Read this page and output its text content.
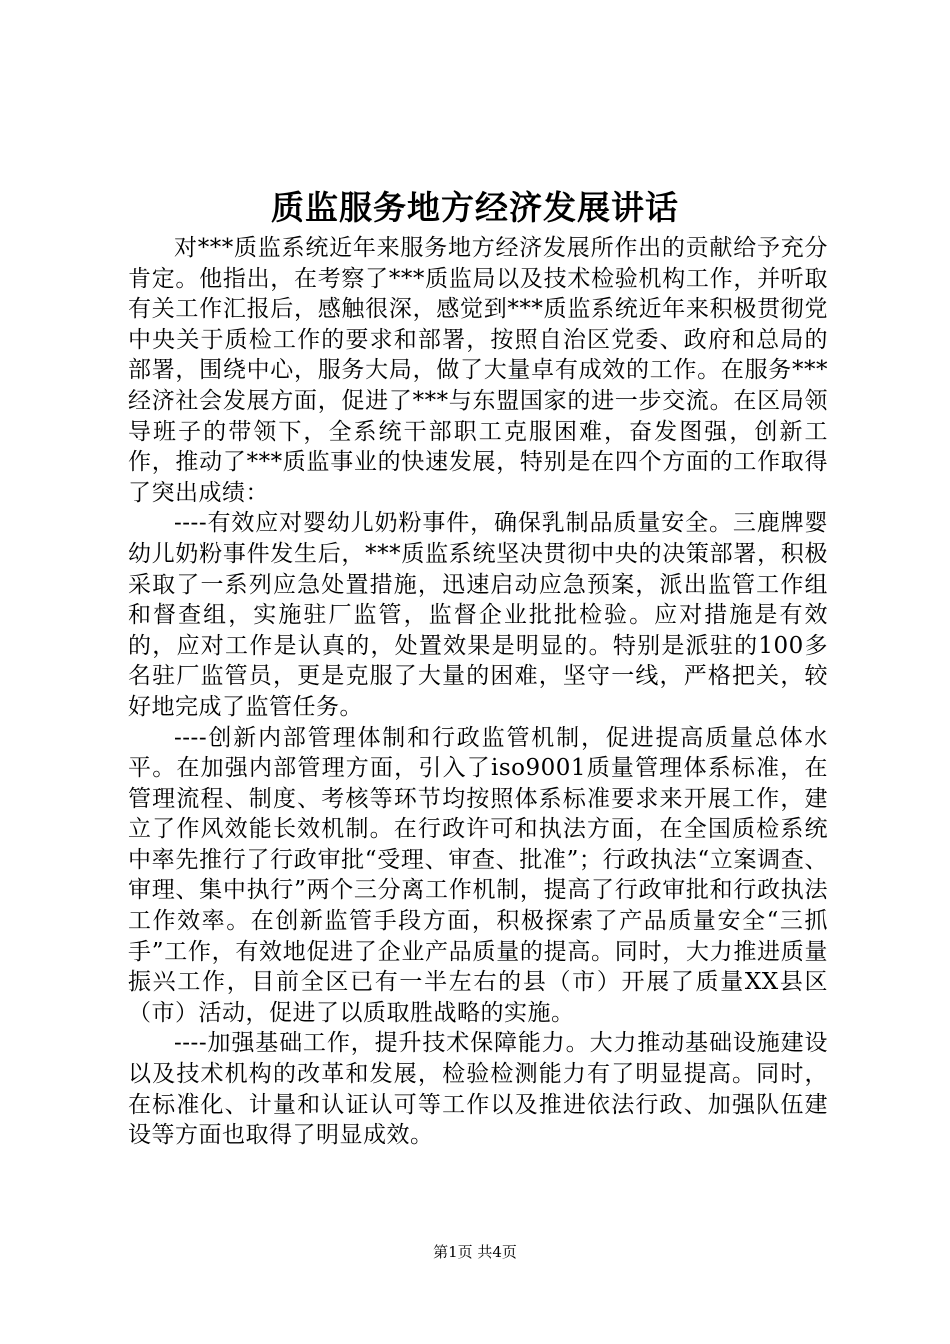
质监服务地方经济发展讲话

对***质监系统近年来服务地方经济发展所作出的贡献给予充分肯定。他指出，在考察了***质监局以及技术检验机构工作，并听取有关工作汇报后，感触很深，感觉到***质监系统近年来积极贯彻党中央关于质检工作的要求和部署，按照自治区党委、政府和总局的部署，围绕中心，服务大局，做了大量卓有成效的工作。在服务***经济社会发展方面，促进了***与东盟国家的进一步交流。在区局领导班子的带领下，全系统干部职工克服困难，奋发图强，创新工作，推动了***质监事业的快速发展，特别是在四个方面的工作取得了突出成绩：

----有效应对婴幼儿奶粉事件，确保乳制品质量安全。三鹿牌婴幼儿奶粉事件发生后，***质监系统坚决贯彻中央的决策部署，积极采取了一系列应急处置措施，迅速启动应急预案，派出监管工作组和督查组，实施驻厂监管，监督企业批批检验。应对措施是有效的，应对工作是认真的，处置效果是明显的。特别是派驻的100多名驻厂监管员，更是克服了大量的困难，坚守一线，严格把关，较好地完成了监管任务。

----创新内部管理体制和行政监管机制，促进提高质量总体水平。在加强内部管理方面，引入了iso9001质量管理体系标准，在管理流程、制度、考核等环节均按照体系标准要求来开展工作，建立了作风效能长效机制。在行政许可和执法方面，在全国质检系统中率先推行了行政审批“受理、审查、批准”；行政执法“立案调查、审理、集中执行”两个三分离工作机制，提高了行政审批和行政执法工作效率。在创新监管手段方面，积极探索了产品质量安全“三抓手”工作，有效地促进了企业产品质量的提高。同时，大力推进质量振兴工作，目前全区已有一半左右的县（市）开展了质量XX县区（市）活动，促进了以质取胜战略的实施。

----加强基础工作，提升技术保障能力。大力推动基础设施建设以及技术机构的改革和发展，检验检测能力有了明显提高。同时，在标准化、计量和认证认可等工作以及推进依法行政、加强队伍建设等方面也取得了明显成效。

第1页 共4页
